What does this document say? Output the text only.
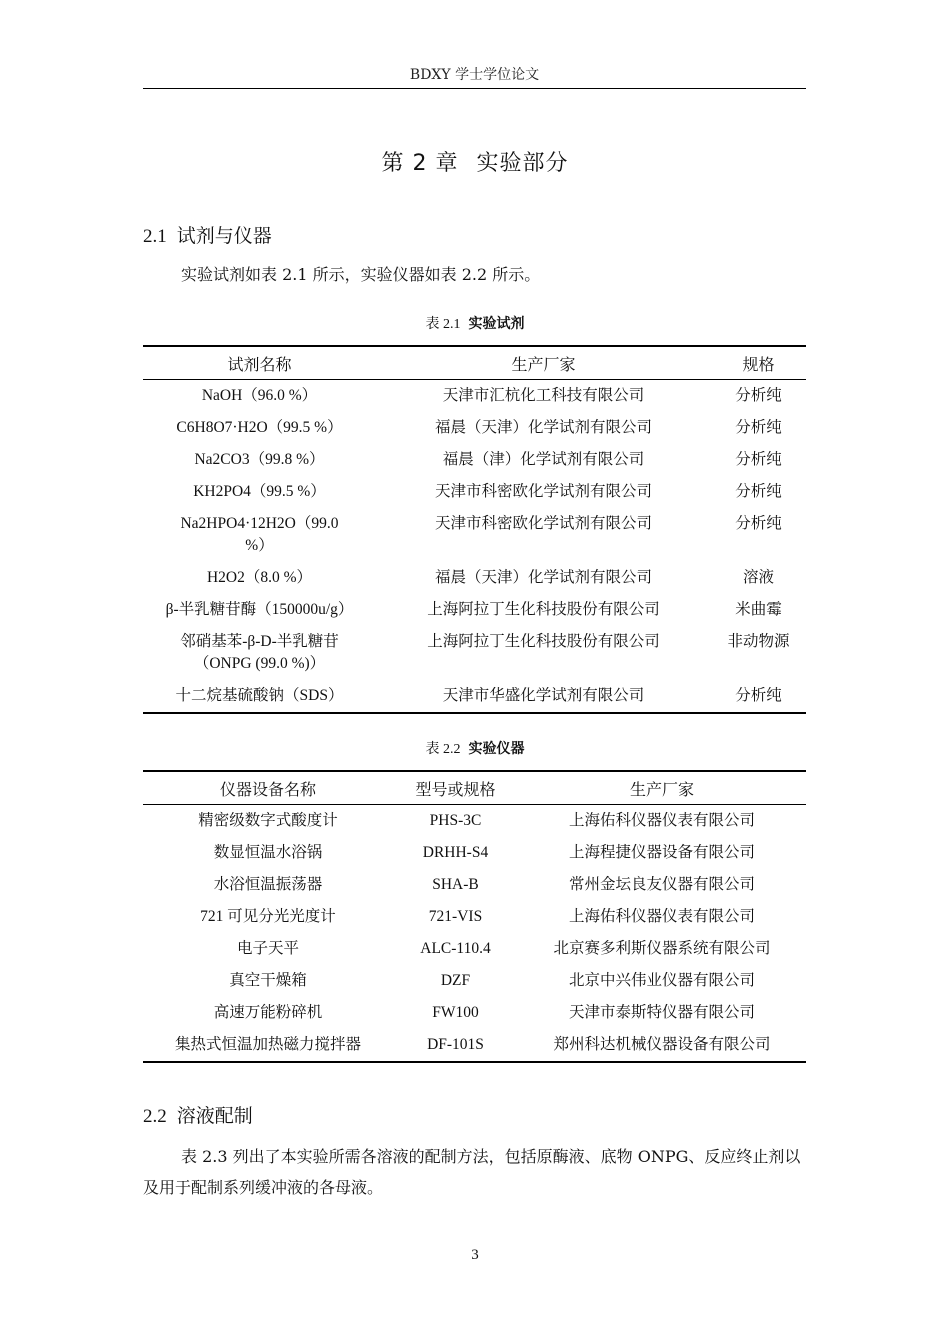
BDXY 学士学位论文
第 2 章 实验部分
2.1 试剂与仪器
实验试剂如表 2.1 所示，实验仪器如表 2.2 所示。
表 2.1 实验试剂
试剂名称	生产厂家	规格
NaOH（96.0 %）	天津市汇杭化工科技有限公司	分析纯
C6H8O7·H2O（99.5 %）	福晨（天津）化学试剂有限公司	分析纯
Na2CO3（99.8 %）	福晨（津）化学试剂有限公司	分析纯
KH2PO4（99.5 %）	天津市科密欧化学试剂有限公司	分析纯
Na2HPO4·12H2O（99.0 %）	天津市科密欧化学试剂有限公司	分析纯
H2O2（8.0 %）	福晨（天津）化学试剂有限公司	溶液
β-半乳糖苷酶（150000u/g）	上海阿拉丁生化科技股份有限公司	米曲霉
邻硝基苯-β-D-半乳糖苷（ONPG (99.0 %)）	上海阿拉丁生化科技股份有限公司	非动物源
十二烷基硫酸钠（SDS）	天津市华盛化学试剂有限公司	分析纯
表 2.2 实验仪器
仪器设备名称	型号或规格	生产厂家
精密级数字式酸度计	PHS-3C	上海佑科仪器仪表有限公司
数显恒温水浴锅	DRHH-S4	上海程捷仪器设备有限公司
水浴恒温振荡器	SHA-B	常州金坛良友仪器有限公司
721 可见分光光度计	721-VIS	上海佑科仪器仪表有限公司
电子天平	ALC-110.4	北京赛多利斯仪器系统有限公司
真空干燥箱	DZF	北京中兴伟业仪器有限公司
高速万能粉碎机	FW100	天津市泰斯特仪器有限公司
集热式恒温加热磁力搅拌器	DF-101S	郑州科达机械仪器设备有限公司
2.2 溶液配制
表 2.3 列出了本实验所需各溶液的配制方法，包括原酶液、底物 ONPG、反应终止剂以及用于配制系列缓冲液的各母液。
3
